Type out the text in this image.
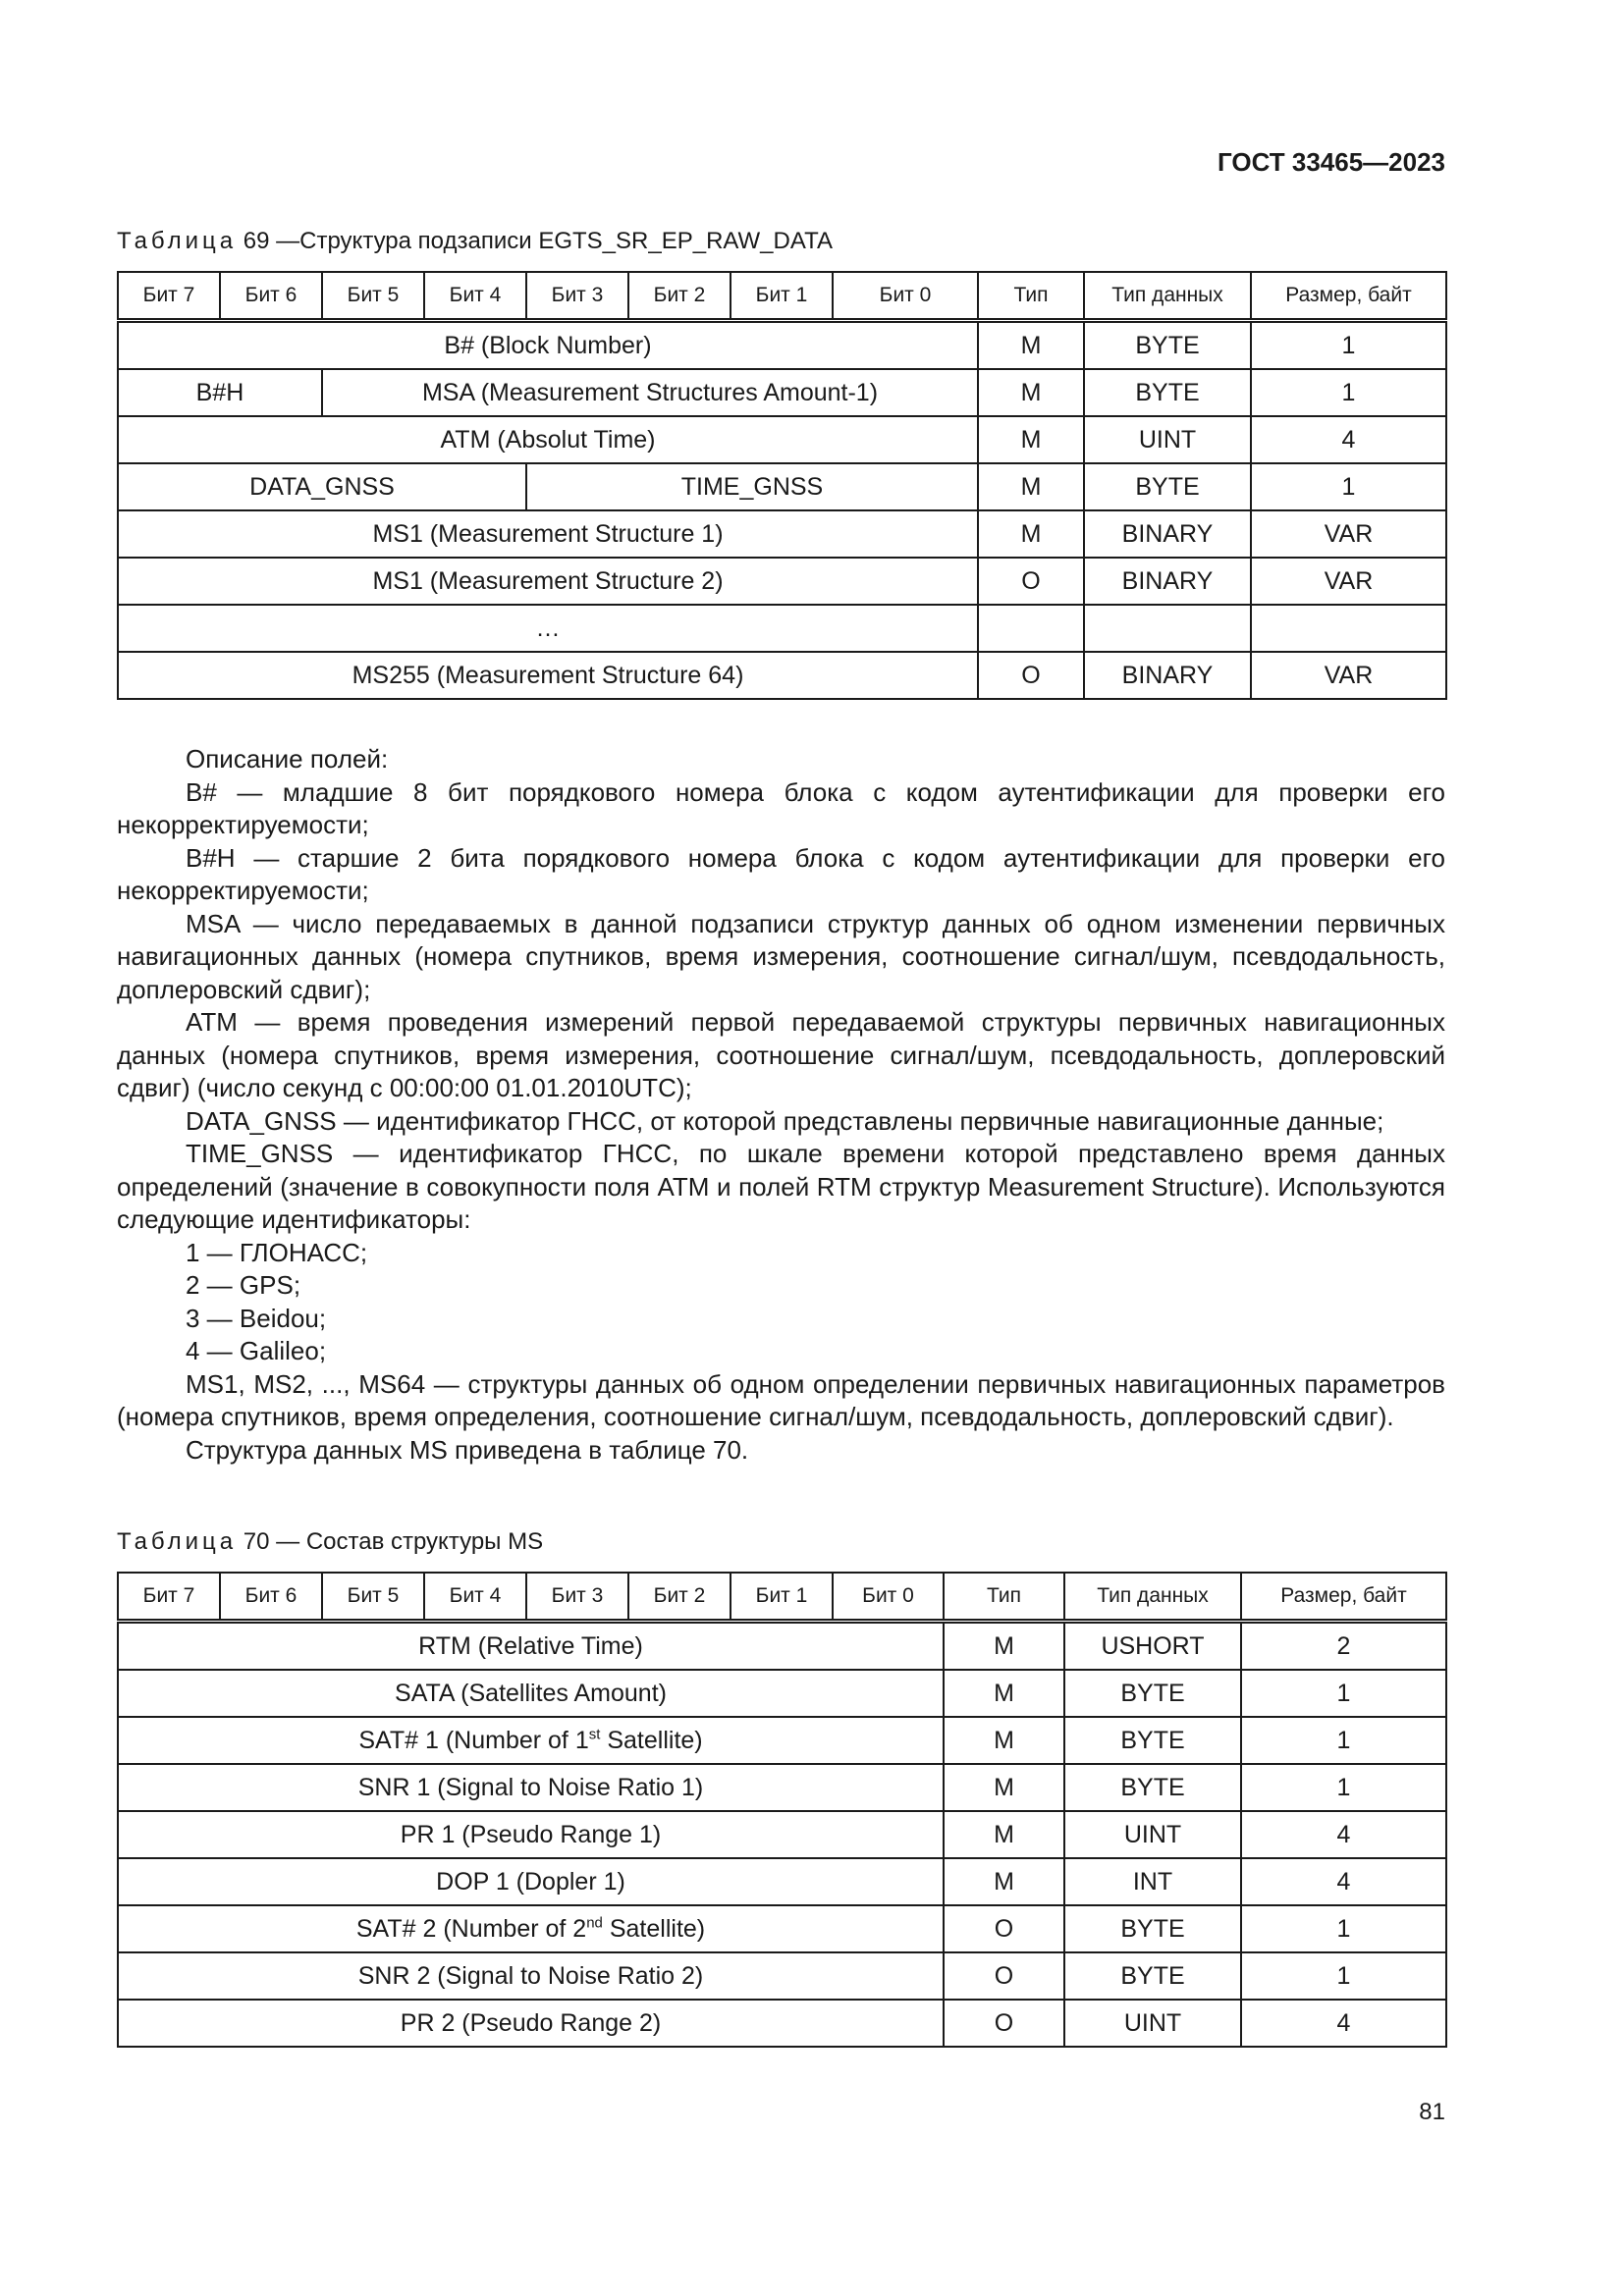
ГОСТ 33465—2023
Таблица 69 —Структура подзаписи EGTS_SR_EP_RAW_DATA
Бит 7	Бит 6	Бит 5	Бит 4	Бит 3	Бит 2	Бит 1	Бит 0	Тип	Тип данных	Размер, байт
B# (Block Number)								M	BYTE	1
B#H		MSA (Measurement Structures Amount-1)						M	BYTE	1
ATM (Absolut Time)								M	UINT	4
DATA_GNSS				TIME_GNSS				M	BYTE	1
MS1 (Measurement Structure 1)								M	BINARY	VAR
MS1 (Measurement Structure 2)								O	BINARY	VAR
…										
MS255 (Measurement Structure 64)								O	BINARY	VAR

Описание полей:

B# — младшие 8 бит порядкового номера блока с кодом аутентификации для проверки его некорректируемости;

B#H — старшие 2 бита порядкового номера блока с кодом аутентификации для проверки его некорректируемости;

MSA — число передаваемых в данной подзаписи структур данных об одном изменении первичных навигационных данных (номера спутников, время измерения, соотношение сигнал/шум, псевдодальность, доплеровский сдвиг);

ATM — время проведения измерений первой передаваемой структуры первичных навигационных данных (номера спутников, время измерения, соотношение сигнал/шум, псевдодальность, доплеровский сдвиг) (число секунд с 00:00:00 01.01.2010UTC);

DATA_GNSS — идентификатор ГНСС, от которой представлены первичные навигационные данные;

TIME_GNSS — идентификатор ГНСС, по шкале времени которой представлено время данных определений (значение в совокупности поля ATM и полей RTM структур Measurement Structure). Используются следующие идентификаторы:

1 — ГЛОНАСС;

2 — GPS;

3 — Beidou;

4 — Galileo;

MS1, MS2, ..., MS64 — структуры данных об одном определении первичных навигационных параметров (номера спутников, время определения, соотношение сигнал/шум, псевдодальность, доплеровский сдвиг).

Структура данных MS приведена в таблице 70.

Таблица 70 — Состав структуры MS
Бит 7	Бит 6	Бит 5	Бит 4	Бит 3	Бит 2	Бит 1	Бит 0	Тип	Тип данных	Размер, байт
RTM (Relative Time)								M	USHORT	2
SATA (Satellites Amount)								M	BYTE	1
SAT# 1 (Number of 1st Satellite)								M	BYTE	1
SNR 1 (Signal to Noise Ratio 1)								M	BYTE	1
PR 1 (Pseudo Range 1)								M	UINT	4
DOP 1 (Dopler 1)								M	INT	4
SAT# 2 (Number of 2nd Satellite)								O	BYTE	1
SNR 2 (Signal to Noise Ratio 2)								O	BYTE	1
PR 2 (Pseudo Range 2)								O	UINT	4
81
